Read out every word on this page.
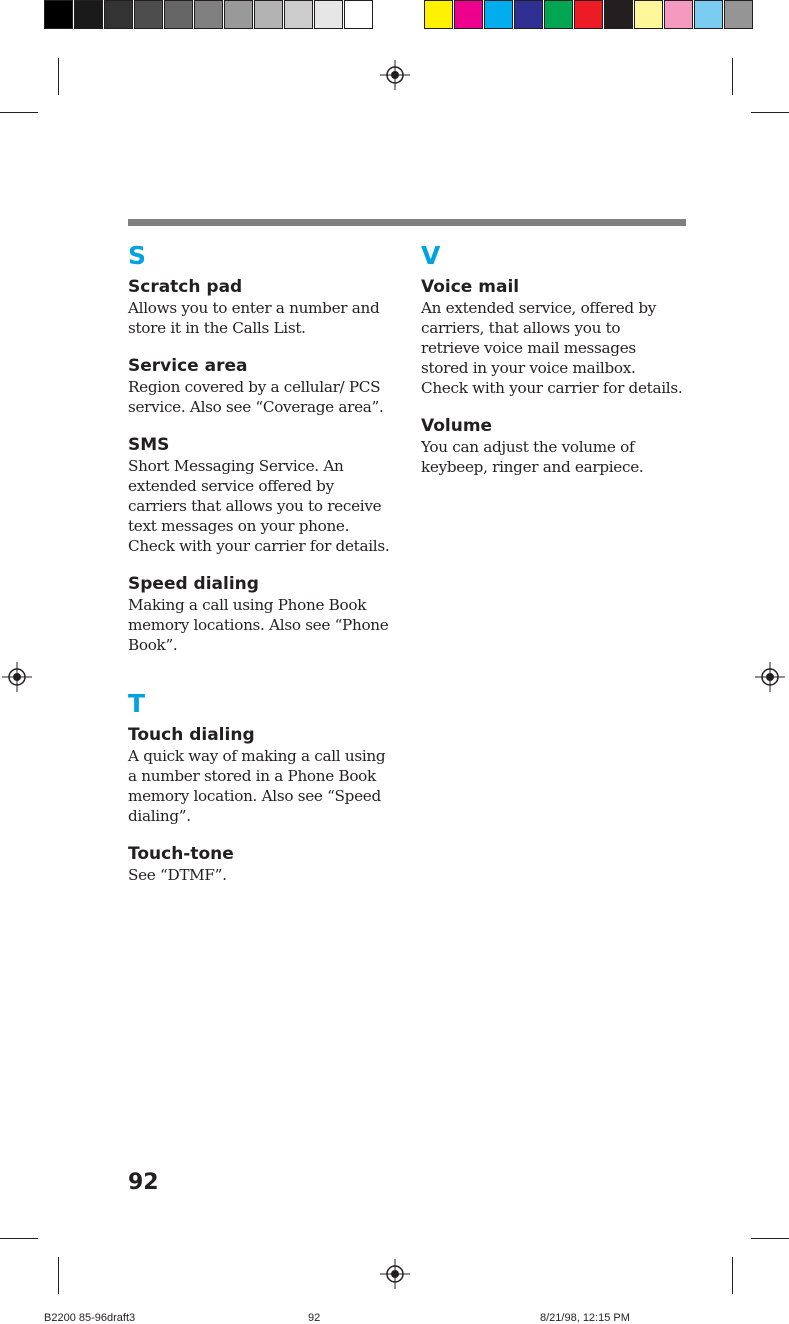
S
Scratch pad

Allows you to enter a number and store it in the Calls List.

Service area

Region covered by a cellular/ PCS service. Also see “Coverage area”.

SMS

Short Messaging Service. An extended service offered by carriers that allows you to receive text messages on your phone. Check with your carrier for details.

Speed dialing

Making a call using Phone Book memory locations. Also see “Phone Book”.

T
Touch dialing

A quick way of making a call using a number stored in a Phone Book memory location. Also see “Speed dialing”.

Touch-tone

See “DTMF”.

V
Voice mail

An extended service, offered by carriers, that allows you to retrieve voice mail messages stored in your voice mailbox. Check with your carrier for details.

Volume

You can adjust the volume of keybeep, ringer and earpiece.

92
B2200 85-96draft3	92	8/21/98, 12:15 PM
